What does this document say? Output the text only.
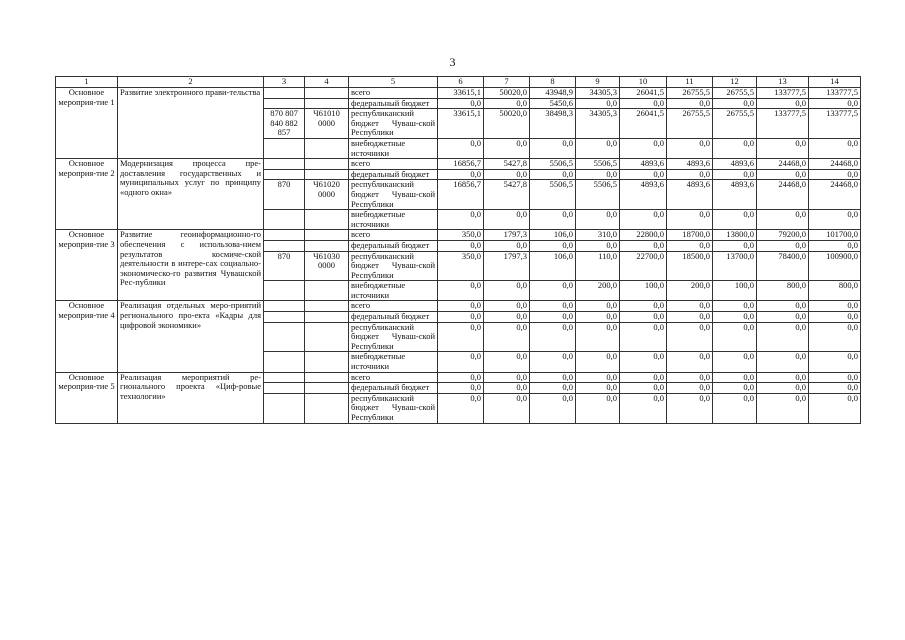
3
1	2	3	4	5	6	7	8	9	10	11	12	13	14
Основное мероприя-тие 1	Развитие электронного прави-тельства			всего	33615,1	50020,0	43948,9	34305,3	26041,5	26755,5	26755,5	133777,5	133777,5
				федеральный бюджет	0,0	0,0	5450,6	0,0	0,0	0,0	0,0	0,0	0,0
		870 807 840 882 857	Ч61010 0000	республиканский бюджет Чуваш-ской Республики	33615,1	50020,0	38498,3	34305,3	26041,5	26755,5	26755,5	133777,5	133777,5
				внебюджетные источники	0,0	0,0	0,0	0,0	0,0	0,0	0,0	0,0	0,0
Основное мероприя-тие 2	Модернизация процесса пре-доставления государственных и муниципальных услуг по принципу «одного окна»			всего	16856,7	5427,8	5506,5	5506,5	4893,6	4893,6	4893,6	24468,0	24468,0
				федеральный бюджет	0,0	0,0	0,0	0,0	0,0	0,0	0,0	0,0	0,0
		870	Ч61020 0000	республиканский бюджет Чуваш-ской Республики	16856,7	5427,8	5506,5	5506,5	4893,6	4893,6	4893,6	24468,0	24468,0
				внебюджетные источники	0,0	0,0	0,0	0,0	0,0	0,0	0,0	0,0	0,0
Основное мероприя-тие 3	Развитие геоинформационно-го обеспечения с использова-нием результатов космиче-ской деятельности в интере-сах социально-экономическо-го развития Чувашской Рес-публики			всего	350,0	1797,3	106,0	310,0	22800,0	18700,0	13800,0	79200,0	101700,0
				федеральный бюджет	0,0	0,0	0,0	0,0	0,0	0,0	0,0	0,0	0,0
		870	Ч61030 0000	республиканский бюджет Чуваш-ской Республики	350,0	1797,3	106,0	110,0	22700,0	18500,0	13700,0	78400,0	100900,0
				внебюджетные источники	0,0	0,0	0,0	200,0	100,0	200,0	100,0	800,0	800,0
Основное мероприя-тие 4	Реализация отдельных меро-приятий регионального про-екта «Кадры для цифровой экономики»			всего	0,0	0,0	0,0	0,0	0,0	0,0	0,0	0,0	0,0
				федеральный бюджет	0,0	0,0	0,0	0,0	0,0	0,0	0,0	0,0	0,0
				республиканский бюджет Чуваш-ской Республики	0,0	0,0	0,0	0,0	0,0	0,0	0,0	0,0	0,0
				внебюджетные источники	0,0	0,0	0,0	0,0	0,0	0,0	0,0	0,0	0,0
Основное мероприя-тие 5	Реализация мероприятий ре-гионального проекта «Циф-ровые технологии»			всего	0,0	0,0	0,0	0,0	0,0	0,0	0,0	0,0	0,0
				федеральный бюджет	0,0	0,0	0,0	0,0	0,0	0,0	0,0	0,0	0,0
				республиканский бюджет Чуваш-ской Республики	0,0	0,0	0,0	0,0	0,0	0,0	0,0	0,0	0,0
